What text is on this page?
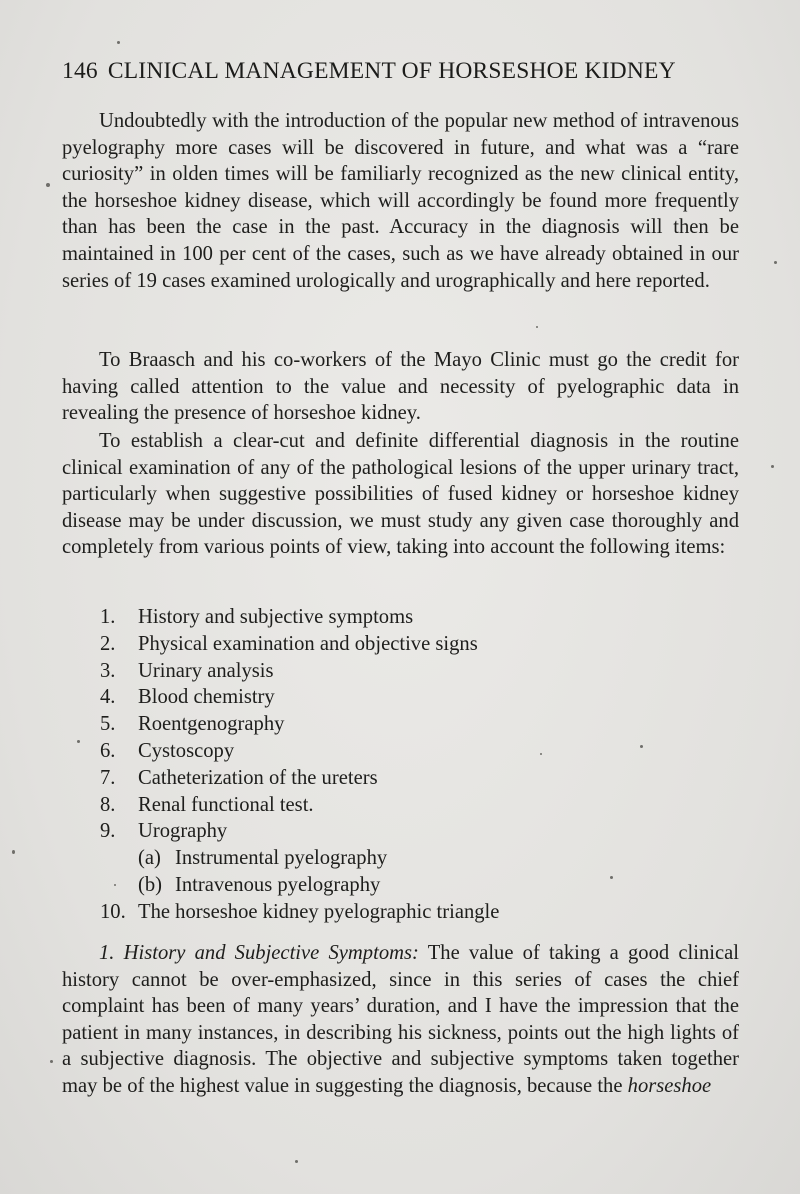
146 CLINICAL MANAGEMENT OF HORSESHOE KIDNEY

Undoubtedly with the introduction of the popular new method of intravenous pyelography more cases will be discovered in future, and what was a “rare curiosity” in olden times will be familiarly recognized as the new clinical entity, the horseshoe kidney disease, which will accordingly be found more frequently than has been the case in the past. Accuracy in the diagnosis will then be maintained in 100 per cent of the cases, such as we have already obtained in our series of 19 cases examined urologically and urographically and here reported.

To Braasch and his co-workers of the Mayo Clinic must go the credit for having called attention to the value and necessity of pyelographic data in revealing the presence of horseshoe kidney.

To establish a clear-cut and definite differential diagnosis in the routine clinical examination of any of the pathological lesions of the upper urinary tract, particularly when suggestive possibilities of fused kidney or horseshoe kidney disease may be under discussion, we must study any given case thoroughly and completely from various points of view, taking into account the following items:

1.	History and subjective symptoms
2.	Physical examination and objective signs
3.	Urinary analysis
4.	Blood chemistry
5.	Roentgenography
6.	Cystoscopy
7.	Catheterization of the ureters
8.	Renal functional test.
9.	Urography
(a) Instrumental pyelography
(b) Intravenous pyelography
10. The horseshoe kidney pyelographic triangle

1. History and Subjective Symptoms: The value of taking a good clinical history cannot be over-emphasized, since in this series of cases the chief complaint has been of many years’ duration, and I have the impression that the patient in many instances, in describing his sickness, points out the high lights of a subjective diagnosis. The objective and subjective symptoms taken together may be of the highest value in suggesting the diagnosis, because the horseshoe
